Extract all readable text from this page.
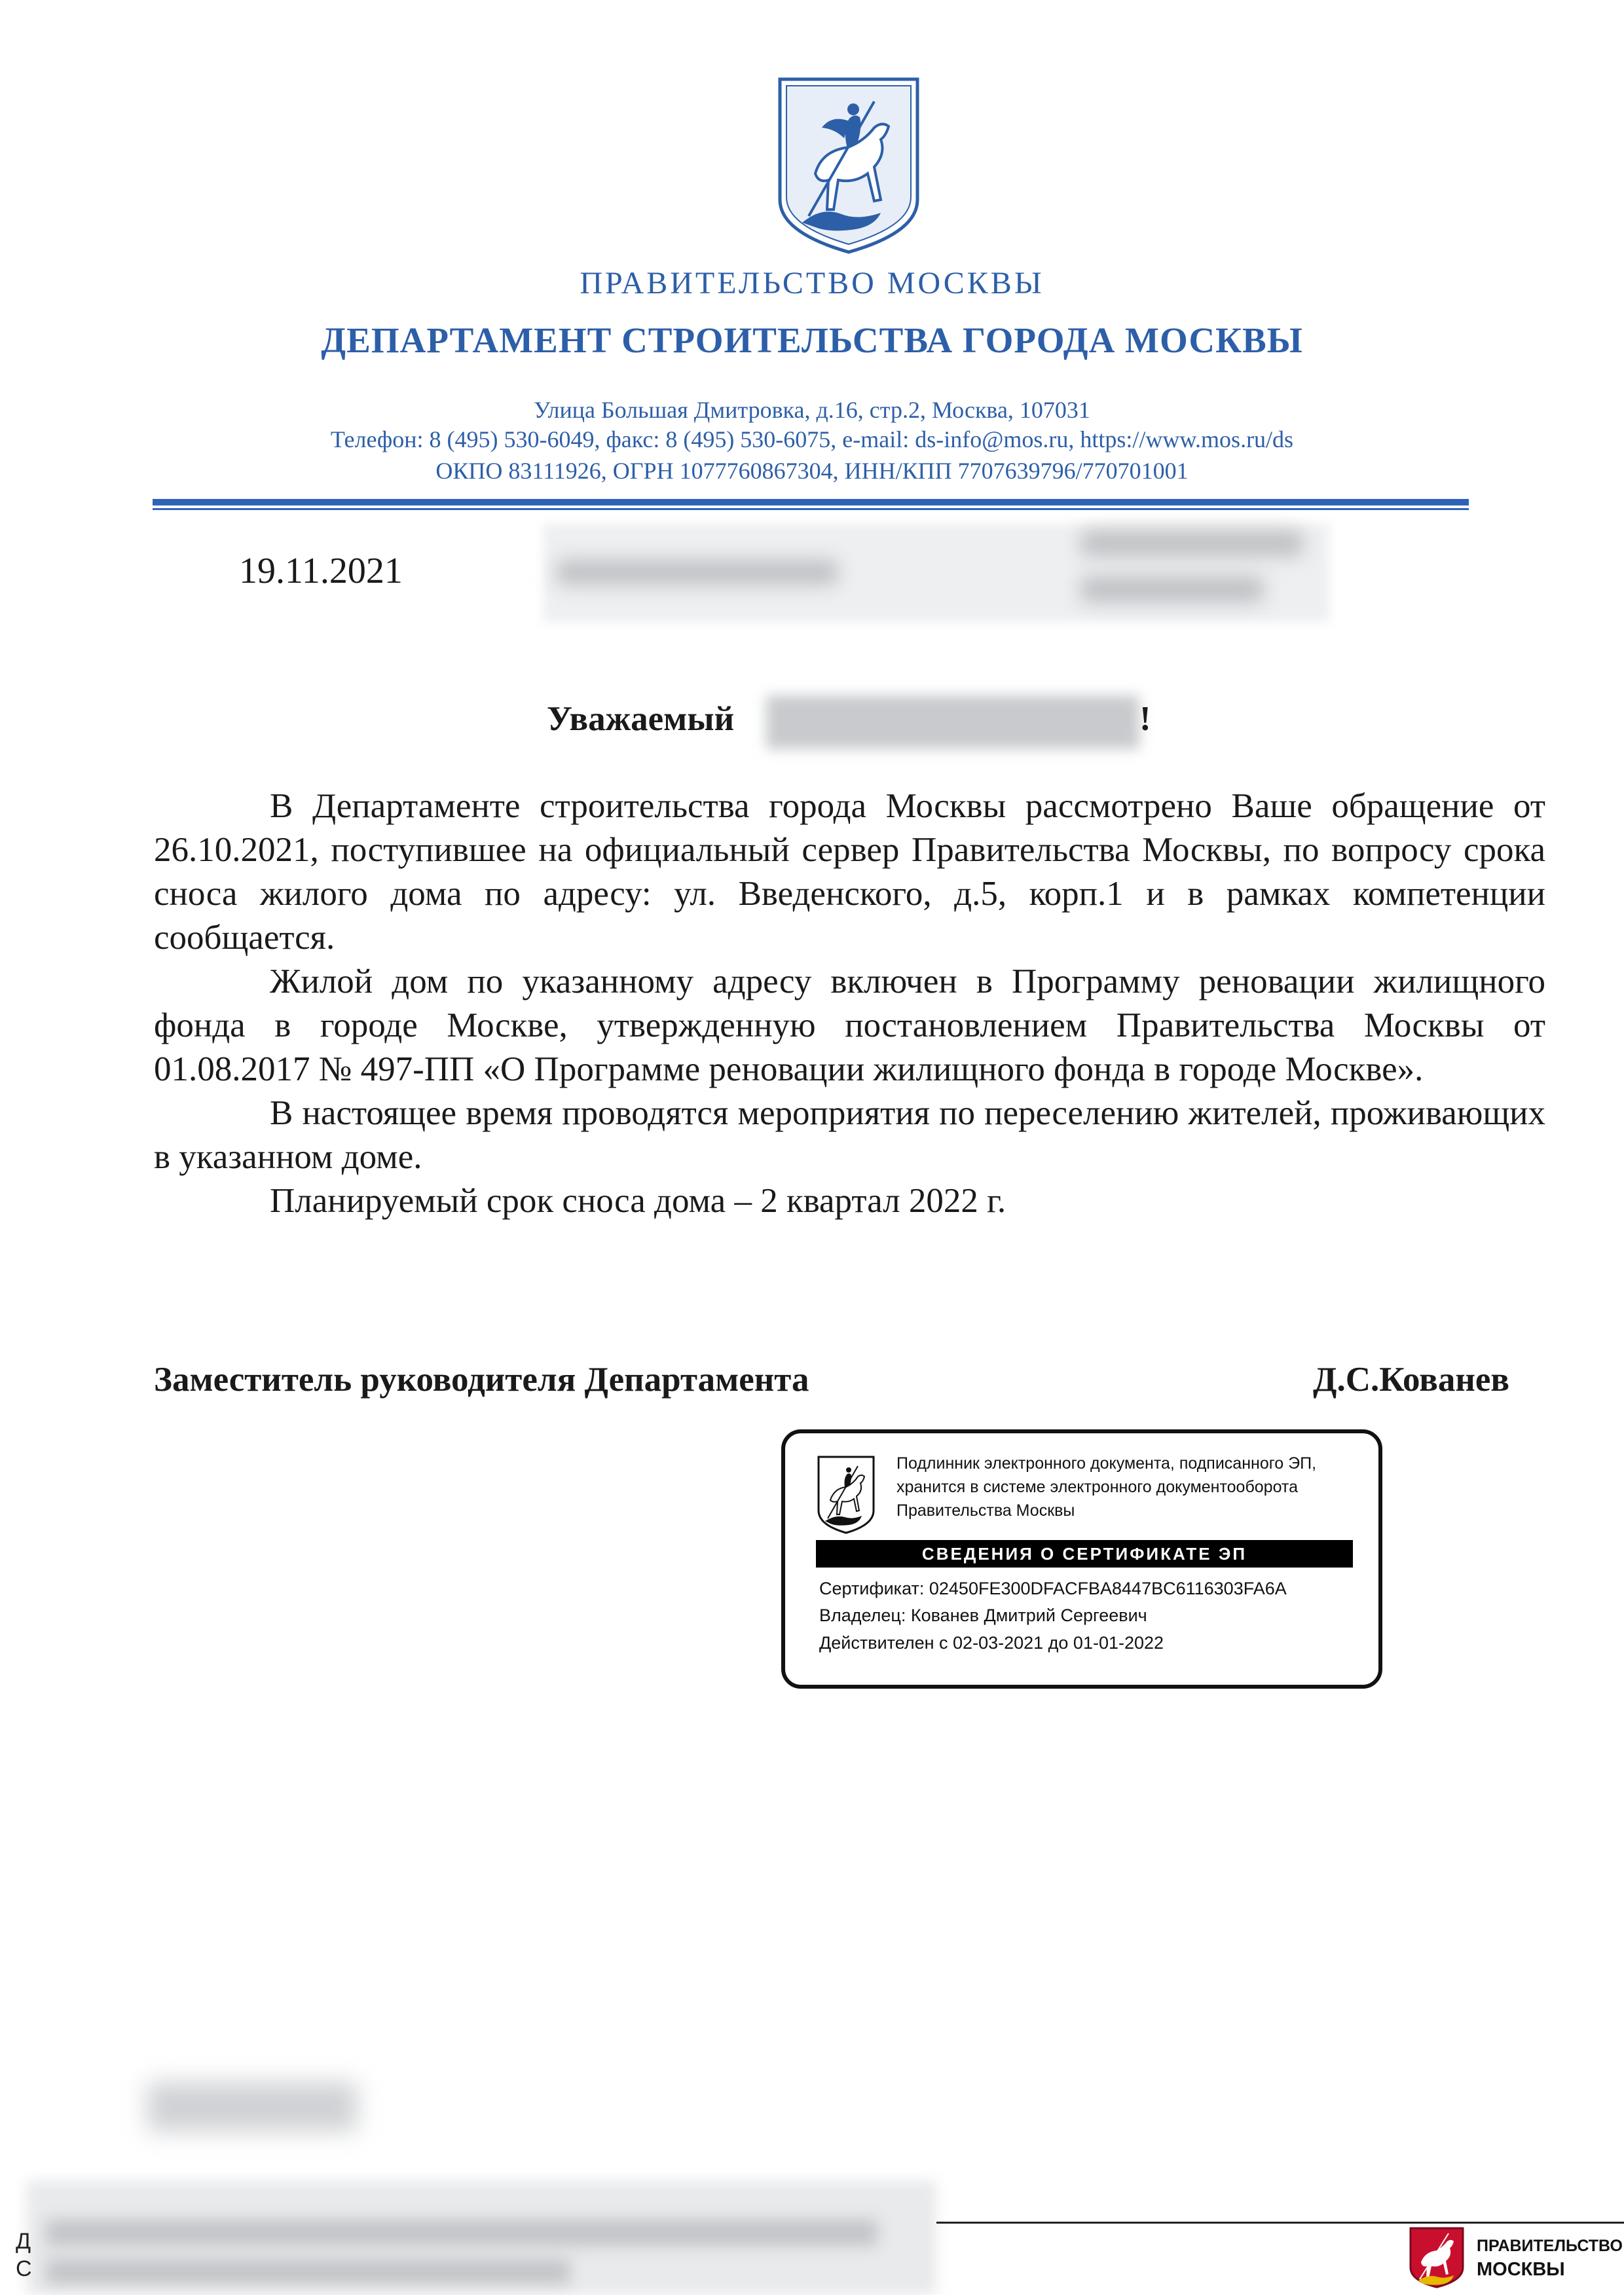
ПРАВИТЕЛЬСТВО МОСКВЫ
ДЕПАРТАМЕНТ СТРОИТЕЛЬСТВА ГОРОДА МОСКВЫ
Улица Большая Дмитровка, д.16, стр.2, Москва, 107031
Телефон: 8 (495) 530-6049, факс: 8 (495) 530-6075, e-mail: ds-info@mos.ru, https://www.mos.ru/ds
ОКПО 83111926, ОГРН 1077760867304, ИНН/КПП 7707639796/770701001
19.11.2021
Уважаемый	!

В Департаменте строительства города Москвы рассмотрено Ваше обращение от 26.10.2021, поступившее на официальный сервер Правительства Москвы, по вопросу срока сноса жилого дома по адресу: ул. Введенского, д.5, корп.1 и в рамках компетенции сообщается.

Жилой дом по указанному адресу включен в Программу реновации жилищного фонда в городе Москве, утвержденную постановлением Правительства Москвы от 01.08.2017 № 497-ПП «О Программе реновации жилищного фонда в городе Москве».

В настоящее время проводятся мероприятия по переселению жителей, проживающих в указанном доме.

Планируемый срок сноса дома – 2 квартал 2022 г.

Заместитель руководителя Департамента	Д.С.Кованев
Подлинник электронного документа, подписанного ЭП,
хранится в системе электронного документооборота
Правительства Москвы
СВЕДЕНИЯ О СЕРТИФИКАТЕ ЭП
Сертификат: 02450FE300DFACFBA8447BC6116303FA6A
Владелец: Кованев Дмитрий Сергеевич
Действителен с 02-03-2021 до 01-01-2022
Д
С
ПРАВИТЕЛЬСТВО
МОСКВЫ
